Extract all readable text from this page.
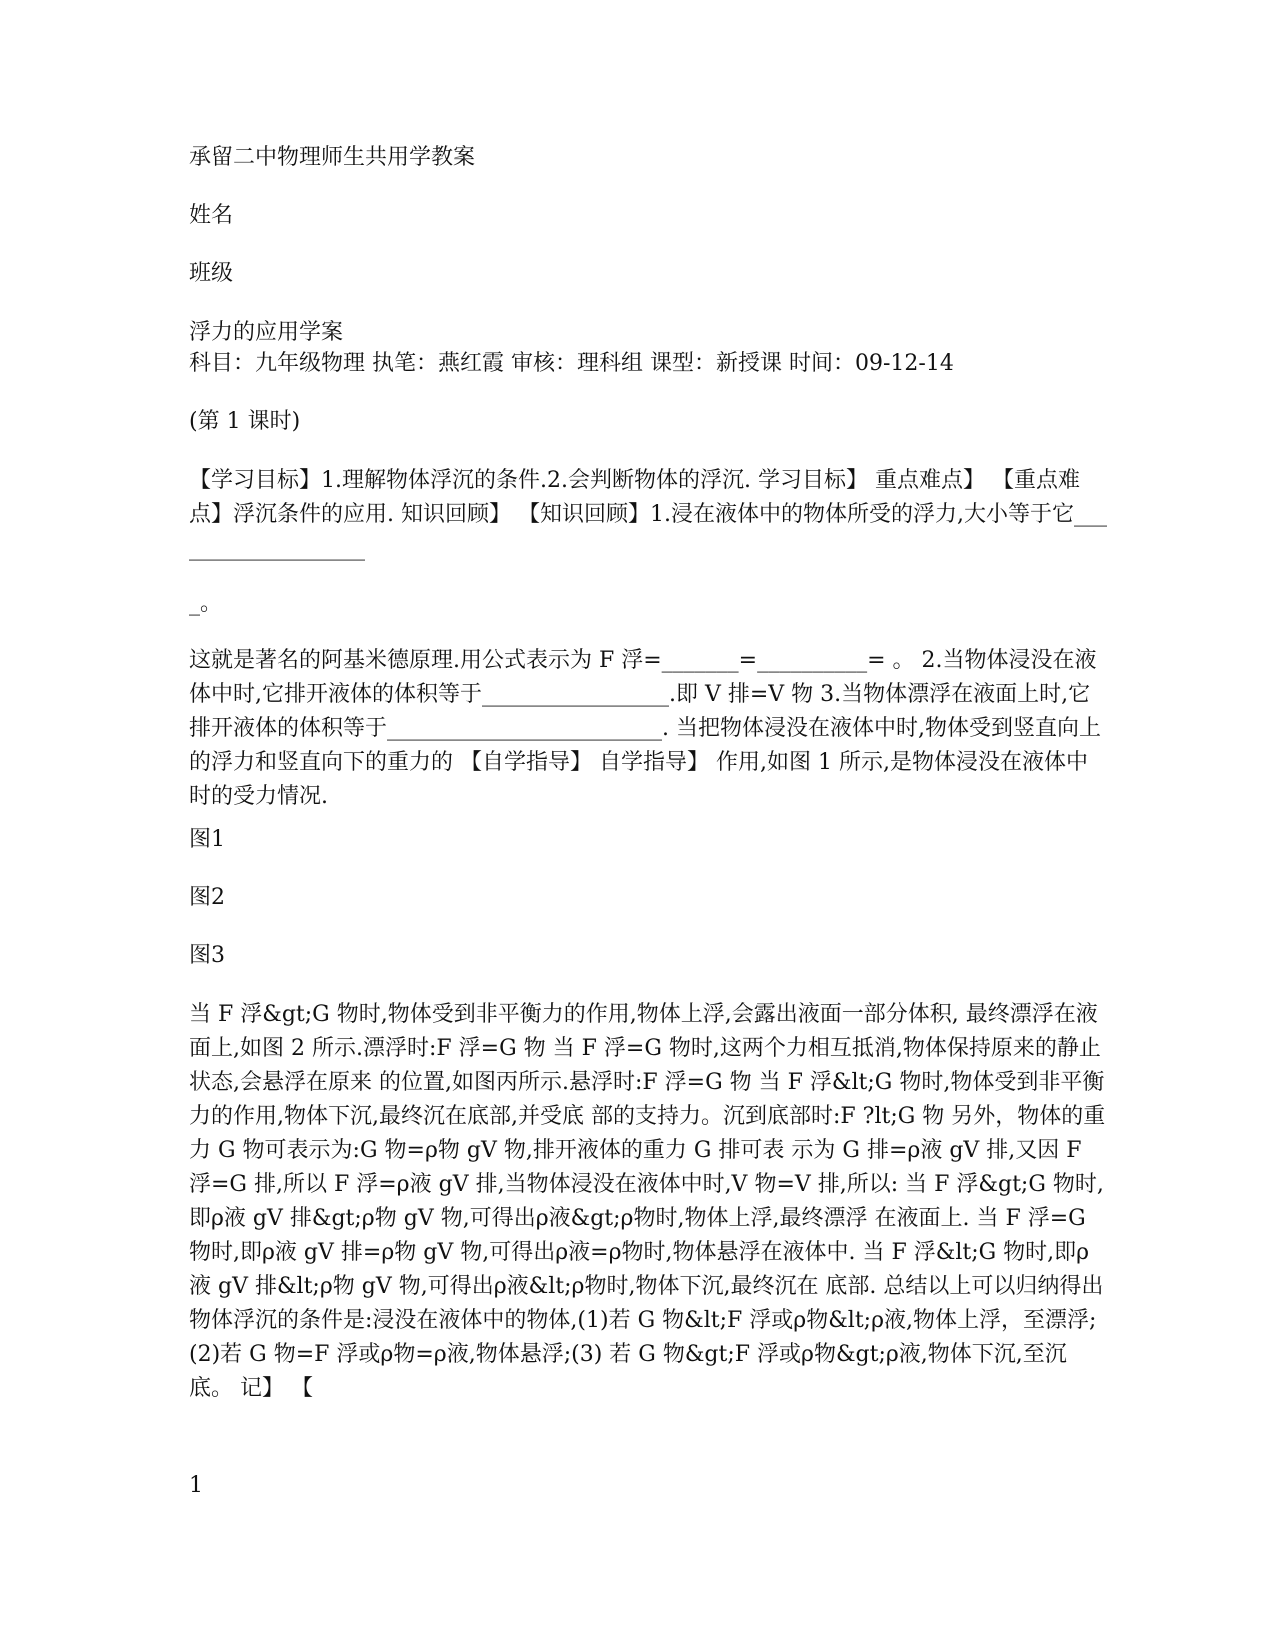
承留二中物理师生共用学教案

姓名

班级

浮力的应用学案

科目：九年级物理 执笔：燕红霞 审核：理科组 课型：新授课 时间：09-12-14

(第 1 课时)

【学习目标】1.理解物体浮沉的条件.2.会判断物体的浮沉. 学习目标】 重点难点】 【重点难点】浮沉条件的应用. 知识回顾】 【知识回顾】1.浸在液体中的物体所受的浮力,大小等于它___________________

_。

这就是著名的阿基米德原理.用公式表示为 F 浮=_______=__________= 。 2.当物体浸没在液体中时,它排开液体的体积等于_________________.即 V 排=V 物 3.当物体漂浮在液面上时,它排开液体的体积等于_________________________. 当把物体浸没在液体中时,物体受到竖直向上的浮力和竖直向下的重力的 【自学指导】 自学指导】 作用,如图 1 所示,是物体浸没在液体中时的受力情况.

图1

图2

图3

当 F 浮&gt;G 物时,物体受到非平衡力的作用,物体上浮,会露出液面一部分体积, 最终漂浮在液面上,如图 2 所示.漂浮时:F 浮=G 物 当 F 浮=G 物时,这两个力相互抵消,物体保持原来的静止状态,会悬浮在原来 的位置,如图丙所示.悬浮时:F 浮=G 物 当 F 浮&lt;G 物时,物体受到非平衡力的作用,物体下沉,最终沉在底部,并受底 部的支持力。沉到底部时:F ?lt;G 物 另外，物体的重力 G 物可表示为:G 物=ρ物 gV 物,排开液体的重力 G 排可表 示为 G 排=ρ液 gV 排,又因 F 浮=G 排,所以 F 浮=ρ液 gV 排,当物体浸没在液体中时,V 物=V 排,所以: 当 F 浮&gt;G 物时,即ρ液 gV 排&gt;ρ物 gV 物,可得出ρ液&gt;ρ物时,物体上浮,最终漂浮 在液面上. 当 F 浮=G 物时,即ρ液 gV 排=ρ物 gV 物,可得出ρ液=ρ物时,物体悬浮在液体中. 当 F 浮&lt;G 物时,即ρ液 gV 排&lt;ρ物 gV 物,可得出ρ液&lt;ρ物时,物体下沉,最终沉在 底部. 总结以上可以归纳得出物体浮沉的条件是:浸没在液体中的物体,(1)若 G 物&lt;F 浮或ρ物&lt;ρ液,物体上浮，至漂浮;(2)若 G 物=F 浮或ρ物=ρ液,物体悬浮;(3) 若 G 物&gt;F 浮或ρ物&gt;ρ液,物体下沉,至沉底。 记】 【

1
